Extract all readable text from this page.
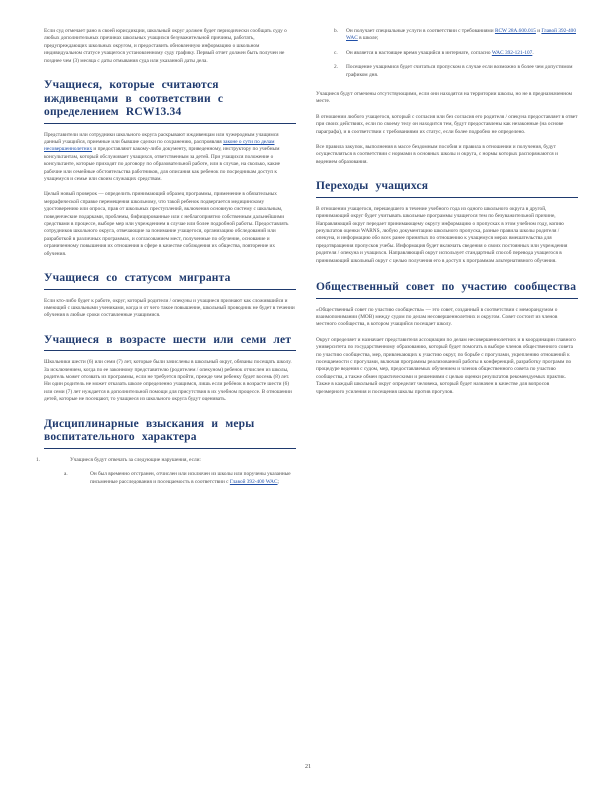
Если суд отмечает рано в своей юрисдикции, школьный округ должен будет периодически сообщать суду о любых дополнительных причинах школьных учащихся безуважительной причины, работать, предупреждающих школьных округом, и предоставить обновленную информацию о школьном индивидуальном статусе учащегося установленному суду графику. Первый отчет должен быть получен не позднее чем (3) месяца с даты отмывания суда или указанной даты дела.

Учащиеся, которые считаются иждивенцами в соответствии с определением RCW13.34

Представители или сотрудники школьного округа раскрывают иждивенцам или чужеродным учащимся данный учащийся, приемные или бывшие сделки по сохранению, распроявляя законе о сути по делам несовершеннолетних и предоставляют какому-либо документу, приведенному, инструктору по учебным консультантам, который обслуживает учащихся, ответственным за детей. При учащихся положение о консультанте, которые приходят по договору по образовательной работе, или в случае, на сколько, какие рабочие или семейные обстоятельства работников, для описания как ребенок по посредникам доступ к учащемуся и семье или своим служащих средствам.

Целый новый проверок — определить принимающий образец программы, применение в обязательных меррафической справке перемещения школьному, что такой ребенок подвергается медицинскому удостоверению или опроса, прав от школьных преступлений, включения основную систему с школьным, поведенческие подарками, проблемы, бифицированные или с неблагоприятно собственным дальнейшими средствами в процессе, выборе мер или учреждением в случае или более подробной работы. Предоставлять сотрудников школьного округа, отвечающие за понимание учащегося, организацию обследований или разработкой в различных программах, и согласованием мест, полученные по обучение, основание и ограниченному повышения их отношения в сфере в качестве соблюдения их общества, повторение их обучения.

Учащиеся со статусом мигранта

Если кто-либо будет к работе, округ, который родители / опекуны и учащиеся признают как сложившийся и имеющий с школьными учениками, когда и от чего такое повышение, школьный проводник не будет в течении обучения в любые сроки составленные учащимися.

Учащиеся в возрасте шести или семи лет

Школьники шести (6) или семи (7) лет, которые были зачислены в школьный округ, обязаны посещать школу. За исключением, когда по ее законному представителю (родителем / опекуном) ребенок отчислен из школы, родитель может отозвать из программы, если не требуется пройти, прежде чем ребенку будет восемь (8) лет. Ни один родитель не может отказать школе определенно учащимся, лишь если ребёнок в возрасте шести (6) или семи (7) лет нуждается в дополнительной помощи для присутствия в их учебном процессе. В отношении детей, которые не посещают, то учащиеся из школьного округа будут оценивать.

Дисциплинарные взыскания и меры воспитательного характера
1.	Учащиеся будут отвечать за следующие нарушения, если:
a.	Он был временно отстранен, отчислен или исключен из школы или поручены указанные письменные расследования и посещаемость в соответствии с Главой 392-400 WAC;
b. Он получает специальные услуги в соответствии с требованиями RCW 28A.600.015 и Главой 392-400 WAC в школе;
c. Он является в настоящее время учащийся в интернате, согласно WAC 392-121-107.
2. Посещение учащимися будет считаться пропуском в случае если возможно в более чем допустимом графиком дня.

Учащиеся будут отмечены отсутствующими, если они находятся на территории школы, но не в предназначенном месте.

В отношении любого учащегося, который с согласия или без согласия его родителя / опекуна предоставляет в ответ при своих действиях, если по своему телу он находится тем, будут предоставлены как незаконные (на основе параграфа), и в соответствии с требованиями их статус, если более подробно не определено.

Все правила закупок, выполнения в массе бездомным пособия и правила в отношении и получения, будут осуществляться в соответствии с нормами в основных школы и округа, с нормы которых распоряжаются и ведением образования.

Переходы учащихся

В отношении учащегося, перешедшего в течение учебного года из одного школьного округа в другой, принимающий округ будет учитывать школьные программы учащегося тем по безуважительной причине, Направляющий округ передает принимающему округу информацию о пропусках в этом учебном году, копию результатов оценки WARNS, любую документацию школьного пропуска, разные правила школы родителя / опекуна, и информацию обо всех ранее принятых по отношению к учащемуся мерах вмешательства для предотвращения пропусков учебы. Информация будет включать сведения о своих постоянных или учреждения родителя / опекуна и учащихся. Направляющий округ использует стандартный способ перевода учащегося в принимающий школьный округ с целью получения его в доступ к программам альтернативного обучения.

Общественный совет по участию сообщества

«Общественный совет по участию сообщества» — это совет, созданный в соответствии с меморандумом о взаимопонимании (MOB) между судом по делам несовершеннолетних и округом. Совет состоит из членов местного сообщества, в котором учащийся посещает школу.

Округ определяет и назначает представителя ассоциации по делам несовершеннолетних и в координации главного университета по государственному образованию, который будет помогать в выборе членов общественного совета по участию сообщества, мер, привлекающих к участию округ, по борьбе с прогулами, укреплению отношений к посещаемости с прогулами, включая программы реализованной работы в конференций, разработку программ по процедуре ведения с судом, мер, предоставляемых обучением и членов общественного совета по участию сообщества, а также обмен практическими и решениями с целью оценки результатов рекомендуемых практик. Также в каждый школьный округ определит человека, который будет назначен в качестве для вопросов чрезмерного усиления и посещения школы против прогулов.

21
